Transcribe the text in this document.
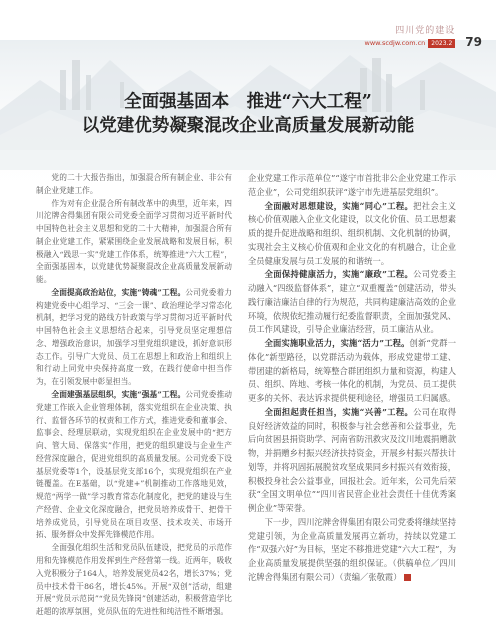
四川党的建设
www.scdjw.com.cn	2023.2 79
全面强基固本　推进“六大工程”
以党建优势凝聚混改企业高质量发展新动能

党的二十大报告指出，加强混合所有制企业、非公有制企业党建工作。

作为对有企业混合所有制改革中的典型，近年来，四川沱牌舍得集团有限公司党委全面学习贯彻习近平新时代中国特色社会主义思想和党的二十大精神，加强混合所有制企业党建工作，紧紧围绕企业发展战略和发展目标，积极融入“践思一实”党建工作体系，统筹推进“六大工程”，全面强基固本，以党建优势凝聚混改企业高质量发展新动能。

全面提高政治站位，实施“铸魂”工程。公司党委着力构建党委中心组学习、“三会一课”、政治理论学习常态化机制，把学习党的路线方针政策与学习贯彻习近平新时代中国特色社会主义思想结合起来，引导党员坚定理想信念、增强政治意识，加强学习型党组织建设，抓好意识形态工作。引导广大党员、员工在思想上和政治上和组织上和行动上同党中央保持高度一致，在践行使命中担当作为，在引领发展中彰显担当。

全面建强基层组织，实施“强基”工程。公司党委推动党建工作嵌入企业管理体制，落实党组织在企业决策、执行、监督各环节的权责和工作方式，推进党委和董事会、监事会、经理层联动，实现党组织在企业发展中的“把方向、管大局、保落实”作用，把党的组织建设与企业生产经营深度融合，促进党组织的高质量发展。公司党委下设基层党委等1个，设基层党支部16个，实现党组织在产业链覆盖。在E基础，以“党建+”机制推动工作落地见效，规范“两学一做”学习教育常态化制度化，把党的建设与生产经营、企业文化深度融合，把党员培养成骨干、把骨干培养成党员，引导党员在项目攻坚、技术攻关、市场开拓、服务群众中发挥先锋模范作用。

全面强化组织生活和党员队伍建设，把党员的示范作用和先锋模范作用发挥到生产经营第一线。近两年，吸收入党积极分子164人，培养发展党员42名，增长37%；党员中技术骨干86名，增长45%。开展“双创”活动，组建开展“党员示范岗”“党员先锋岗”创建活动，积极营造学比赶超的浓厚氛围，党员队伍的先进性和纯洁性不断增强。

企业党建工作示范单位”“遂宁市首批非公企业党建工作示范企业”，公司党组织获评“遂宁市先进基层党组织”。

全面融对思想建设，实施“同心”工程。把社会主义核心价值观融入企业文化建设，以文化价值、员工思想素质的提升促进战略和组织、组织机制、文化机制的协调，实现社会主义核心价值观和企业文化的有机融合，让企业全员健康发展与员工发展的和谐统一。

全面保持健康活力，实施“廉政”工程。公司党委主动融入“四级监督体系”，建立“双重覆盖”创建活动，带头践行廉洁廉洁自律的行为规范，共同构建廉洁高效的企业环境，依规依纪推动履行纪委监督职责，全面加强党风、员工作风建设，引导企业廉洁经营，员工廉洁从业。

全面实施职业活力，实施“活力”工程。创新“党群一体化”新型路径，以党群活动为载体，形成党建带工建、带团建的新格局，统筹整合群团组织力量和资源，构建人员、组织、阵地、考核一体化的机制，为党员、员工提供更多的关怀、表达诉求提供便利途径，增强员工归属感。

全面担起责任担当，实施“兴善”工程。公司在取得良好经济效益的同时，积极参与社会慈善和公益事业，先后向贫困县捐资助学、河南省防汛救灾及汶川地震捐赠款物，并捐赠乡村振兴经济扶持资金，开展乡村振兴帮扶计划等，并将巩固拓展脱贫攻坚成果同乡村振兴有效衔接，积极投身社会公益事业，回报社会。近年来，公司先后荣获“全国文明单位”“四川省民营企业社会责任十佳优秀案例企业”等荣誉。

下一步，四川沱牌舍得集团有限公司党委将继续坚持党建引领，为企业高质量发展再立新功，持续以党建工作“双强六好”为目标，坚定不移推进党建“六大工程”，为企业高质量发展提供坚强的组织保证。（供稿单位／四川沱牌舍得集团有限公司）（责编／张敬霞）
